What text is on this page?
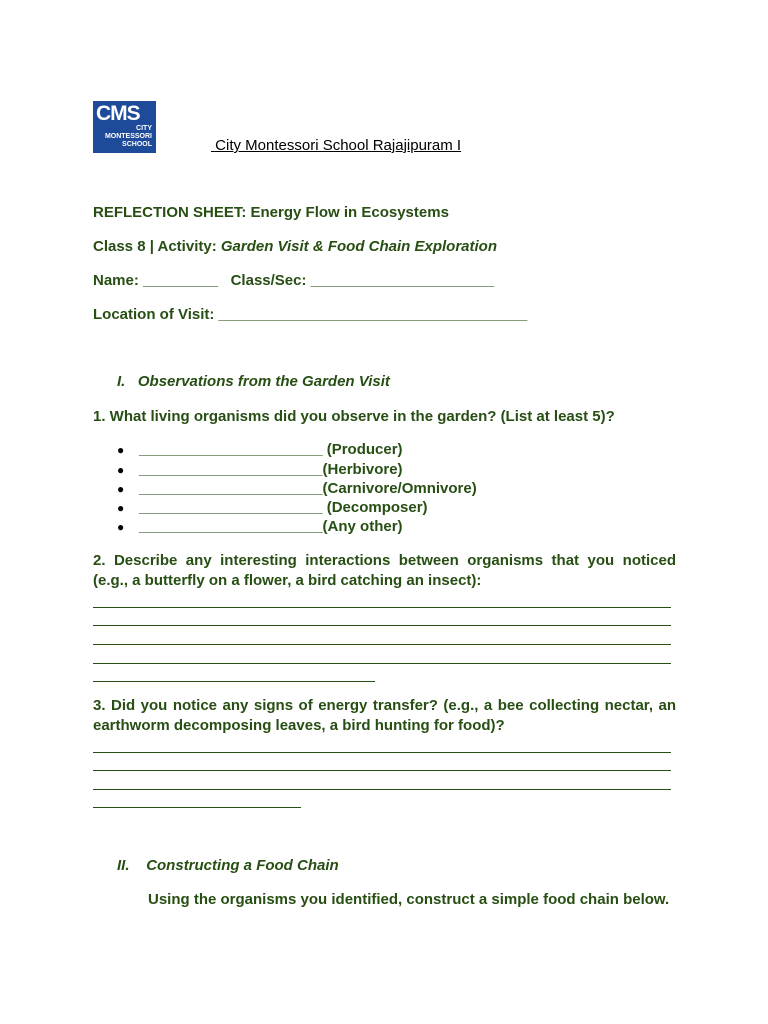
CMS
CITY
MONTESSORI
SCHOOL	City Montessori School Rajajipuram I
REFLECTION SHEET: Energy Flow in Ecosystems
Class 8 | Activity: Garden Visit & Food Chain Exploration
Name: _________   Class/Sec: ______________________
Location of Visit: _____________________________________
I. Observations from the Garden Visit
1. What living organisms did you observe in the garden? (List at least 5)?
● ______________________ (Producer)
● ______________________(Herbivore)
● ______________________(Carnivore/Omnivore)
● ______________________ (Decomposer)
● ______________________(Any other)
2. Describe any interesting interactions between organisms that you noticed (e.g., a butterfly on a flower, a bird catching an insect):
3. Did you notice any signs of energy transfer? (e.g., a bee collecting nectar, an earthworm decomposing leaves, a bird hunting for food)?
II. Constructing a Food Chain
Using the organisms you identified, construct a simple food chain below.
